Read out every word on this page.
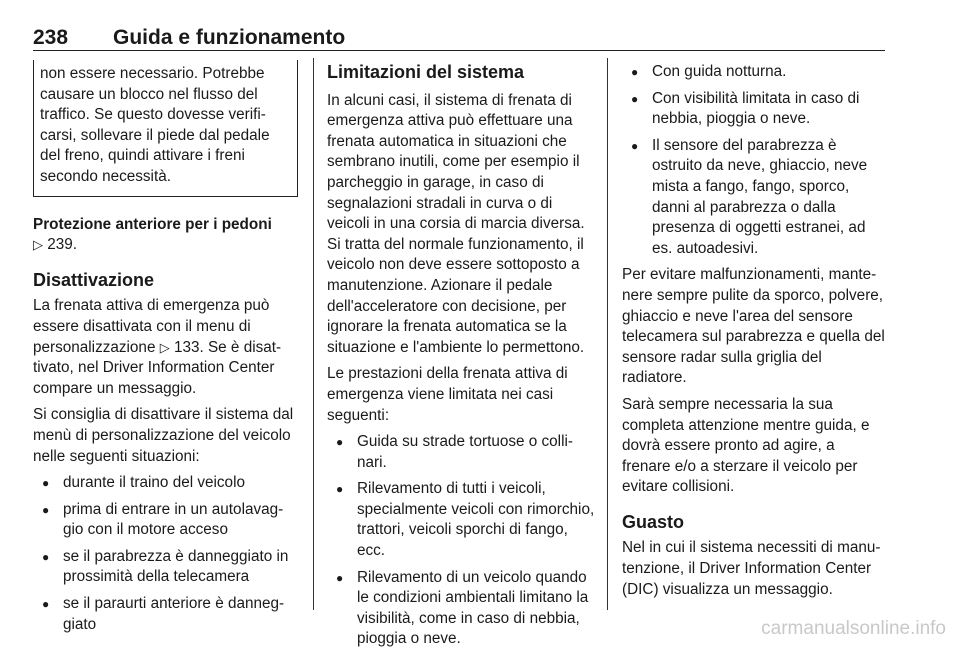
238 Guida e funzionamento

non essere necessario. Potrebbe causare un blocco nel flusso del traffico. Se questo dovesse verificarsi, sollevare il piede dal pedale del freno, quindi attivare i freni secondo necessità.

Protezione anteriore per i pedoni

▷ 239.

Disattivazione

La frenata attiva di emergenza può essere disattivata con il menu di personalizzazione ▷ 133. Se è disattivato, nel Driver Information Center compare un messaggio.

Si consiglia di disattivare il sistema dal menù di personalizzazione del veicolo nelle seguenti situazioni:

● durante il traino del veicolo
● prima di entrare in un autolavaggio con il motore acceso
● se il parabrezza è danneggiato in prossimità della telecamera
● se il paraurti anteriore è danneggiato
Limitazioni del sistema

In alcuni casi, il sistema di frenata di emergenza attiva può effettuare una frenata automatica in situazioni che sembrano inutili, come per esempio il parcheggio in garage, in caso di segnalazioni stradali in curva o di veicoli in una corsia di marcia diversa. Si tratta del normale funzionamento, il veicolo non deve essere sottoposto a manutenzione. Azionare il pedale dell'acceleratore con decisione, per ignorare la frenata automatica se la situazione e l'ambiente lo permettono.

Le prestazioni della frenata attiva di emergenza viene limitata nei casi seguenti:

● Guida su strade tortuose o collinari.
● Rilevamento di tutti i veicoli, specialmente veicoli con rimorchio, trattori, veicoli sporchi di fango, ecc.
● Rilevamento di un veicolo quando le condizioni ambientali limitano la visibilità, come in caso di nebbia, pioggia o neve.
● Con guida notturna.
● Con visibilità limitata in caso di nebbia, pioggia o neve.
● Il sensore del parabrezza è ostruito da neve, ghiaccio, neve mista a fango, fango, sporco, danni al parabrezza o dalla presenza di oggetti estranei, ad es. autoadesivi.

Per evitare malfunzionamenti, mantenere sempre pulite da sporco, polvere, ghiaccio e neve l'area del sensore telecamera sul parabrezza e quella del sensore radar sulla griglia del radiatore.

Sarà sempre necessaria la sua completa attenzione mentre guida, e dovrà essere pronto ad agire, a frenare e/o a sterzare il veicolo per evitare collisioni.

Guasto

Nel in cui il sistema necessiti di manutenzione, il Driver Information Center (DIC) visualizza un messaggio.

carmanualsonline.info
